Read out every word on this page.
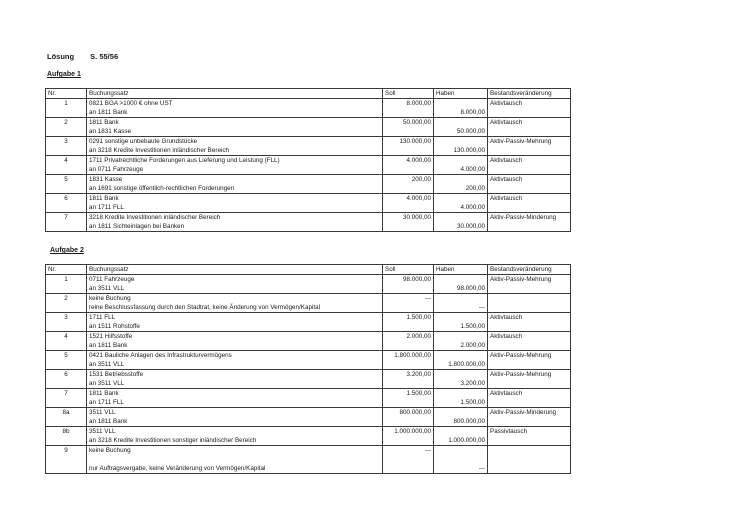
Lösung S. 55/56
Aufgabe 1
Nr.	Buchungssatz	Soll	Haben	Bestandsveränderung
1	0821 BGA >1000 € ohne UST
an 1811 Bank	8.000,00	8.000,00	Aktivtausch

2	1811 Bank
an 1831 Kasse	50.000,00	50.000,00	Aktivtausch

3	0291 sonstige unbebaute Grundstücke
an 3218 Kredite Investitionen inländischer Bereich	130.000,00	130.000,00	Aktiv-Passiv-Mehrung

4	1711 Privatrechtliche Forderungen aus Lieferung und Leistung (FLL)
an 0711 Fahrzeuge	4.000,00	4.000,00	Aktivtausch

5	1831 Kasse
an 1691 sonstige öffentlich-rechtlichen Forderungen	200,00	200,00	Aktivtausch

6	1811 Bank
an 1711 FLL	4.000,00	4.000,00	Aktivtausch

7	3218 Kredite Investitionen inländischer Bereich
an 1811 Sichteinlagen bei Banken	30.000,00	30.000,00	Aktiv-Passiv-Minderung
Aufgabe 2
Nr.	Buchungssatz	Soll	Haben	Bestandsveränderung
1	0711 Fahrzeuge
an 3511 VLL	98.000,00	98.000,00	Aktiv-Passiv-Mehrung

2	keine Buchung
reine Beschlussfassung durch den Stadtrat, keine Änderung von Vermögen/Kapital	---	---	

3	1711 FLL
an 1511 Rohstoffe	1.500,00	1.500,00	Aktivtausch

4	1521 Hilfsstoffe
an 1811 Bank	2.000,00	2.000,00	Aktivtausch

5	0421 Bauliche Anlagen des Infrastrukturvermögens
an 3511 VLL	1.800.000,00	1.800.000,00	Aktiv-Passiv-Mehrung

6	1531 Betriebsstoffe
an 3511 VLL	3.200,00	3.200,00	Aktiv-Passiv-Mehrung

7	1811 Bank
an 1711 FLL	1.500,00	1.500,00	Aktivtausch

8a	3511 VLL
an 1811 Bank	800.000,00	800.000,00	Aktiv-Passiv-Minderung

8b	3511 VLL
an 3218 Kredite Investitionen sonstiger inländischer Bereich	1.000.000,00	1.000.000,00	Passivtausch

9	keine Buchung
nur Auftragsvergabe, keine Veränderung von Vermögen/Kapital	---	---	
